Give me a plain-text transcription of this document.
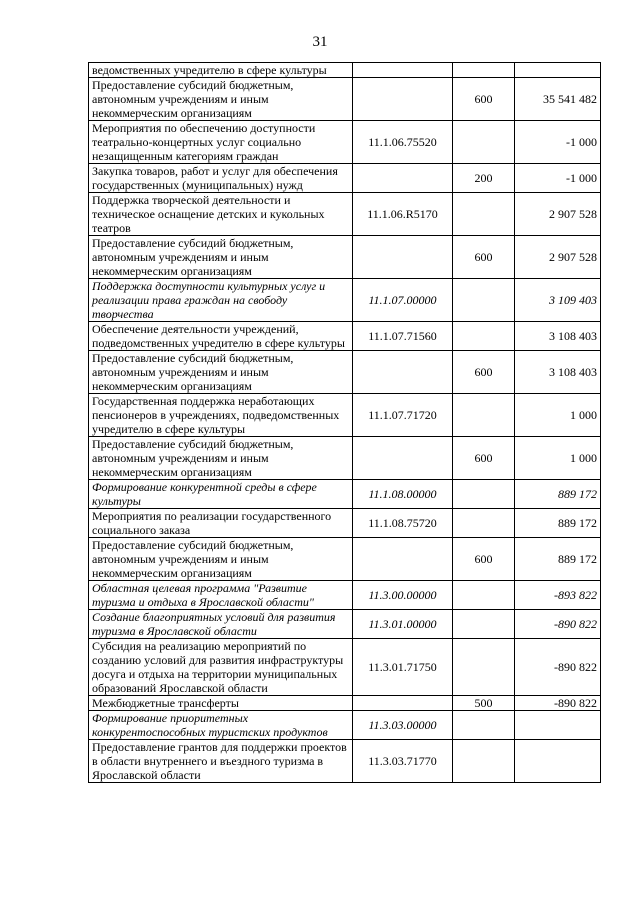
31
ведомственных учредителю в сфере культуры			
Предоставление субсидий бюджетным, автономным учреждениям и иным некоммерческим организациям		600	35 541 482
Мероприятия по обеспечению доступности театрально-концертных услуг социально незащищенным категориям граждан	11.1.06.75520		-1 000
Закупка товаров, работ и услуг для обеспечения государственных (муниципальных) нужд		200	-1 000
Поддержка творческой деятельности и техническое оснащение детских и кукольных театров	11.1.06.R5170		2 907 528
Предоставление субсидий бюджетным, автономным учреждениям и иным некоммерческим организациям		600	2 907 528
Поддержка доступности культурных услуг и реализации права граждан на свободу творчества	11.1.07.00000		3 109 403
Обеспечение деятельности учреждений, подведомственных учредителю в сфере культуры	11.1.07.71560		3 108 403
Предоставление субсидий бюджетным, автономным учреждениям и иным некоммерческим организациям		600	3 108 403
Государственная поддержка неработающих пенсионеров в учреждениях, подведомственных учредителю в сфере культуры	11.1.07.71720		1 000
Предоставление субсидий бюджетным, автономным учреждениям и иным некоммерческим организациям		600	1 000
Формирование конкурентной среды в сфере культуры	11.1.08.00000		889 172
Мероприятия по реализации государственного социального заказа	11.1.08.75720		889 172
Предоставление субсидий бюджетным, автономным учреждениям и иным некоммерческим организациям		600	889 172
Областная целевая программа "Развитие туризма и отдыха в Ярославской области"	11.3.00.00000		-893 822
Создание благоприятных условий для развития туризма в Ярославской области	11.3.01.00000		-890 822
Субсидия на реализацию мероприятий по созданию условий для развития инфраструктуры досуга и отдыха на территории муниципальных образований Ярославской области	11.3.01.71750		-890 822
Межбюджетные трансферты		500	-890 822
Формирование приоритетных конкурентоспособных туристских продуктов	11.3.03.00000		
Предоставление грантов для поддержки проектов в области внутреннего и въездного туризма в Ярославской области	11.3.03.71770		
